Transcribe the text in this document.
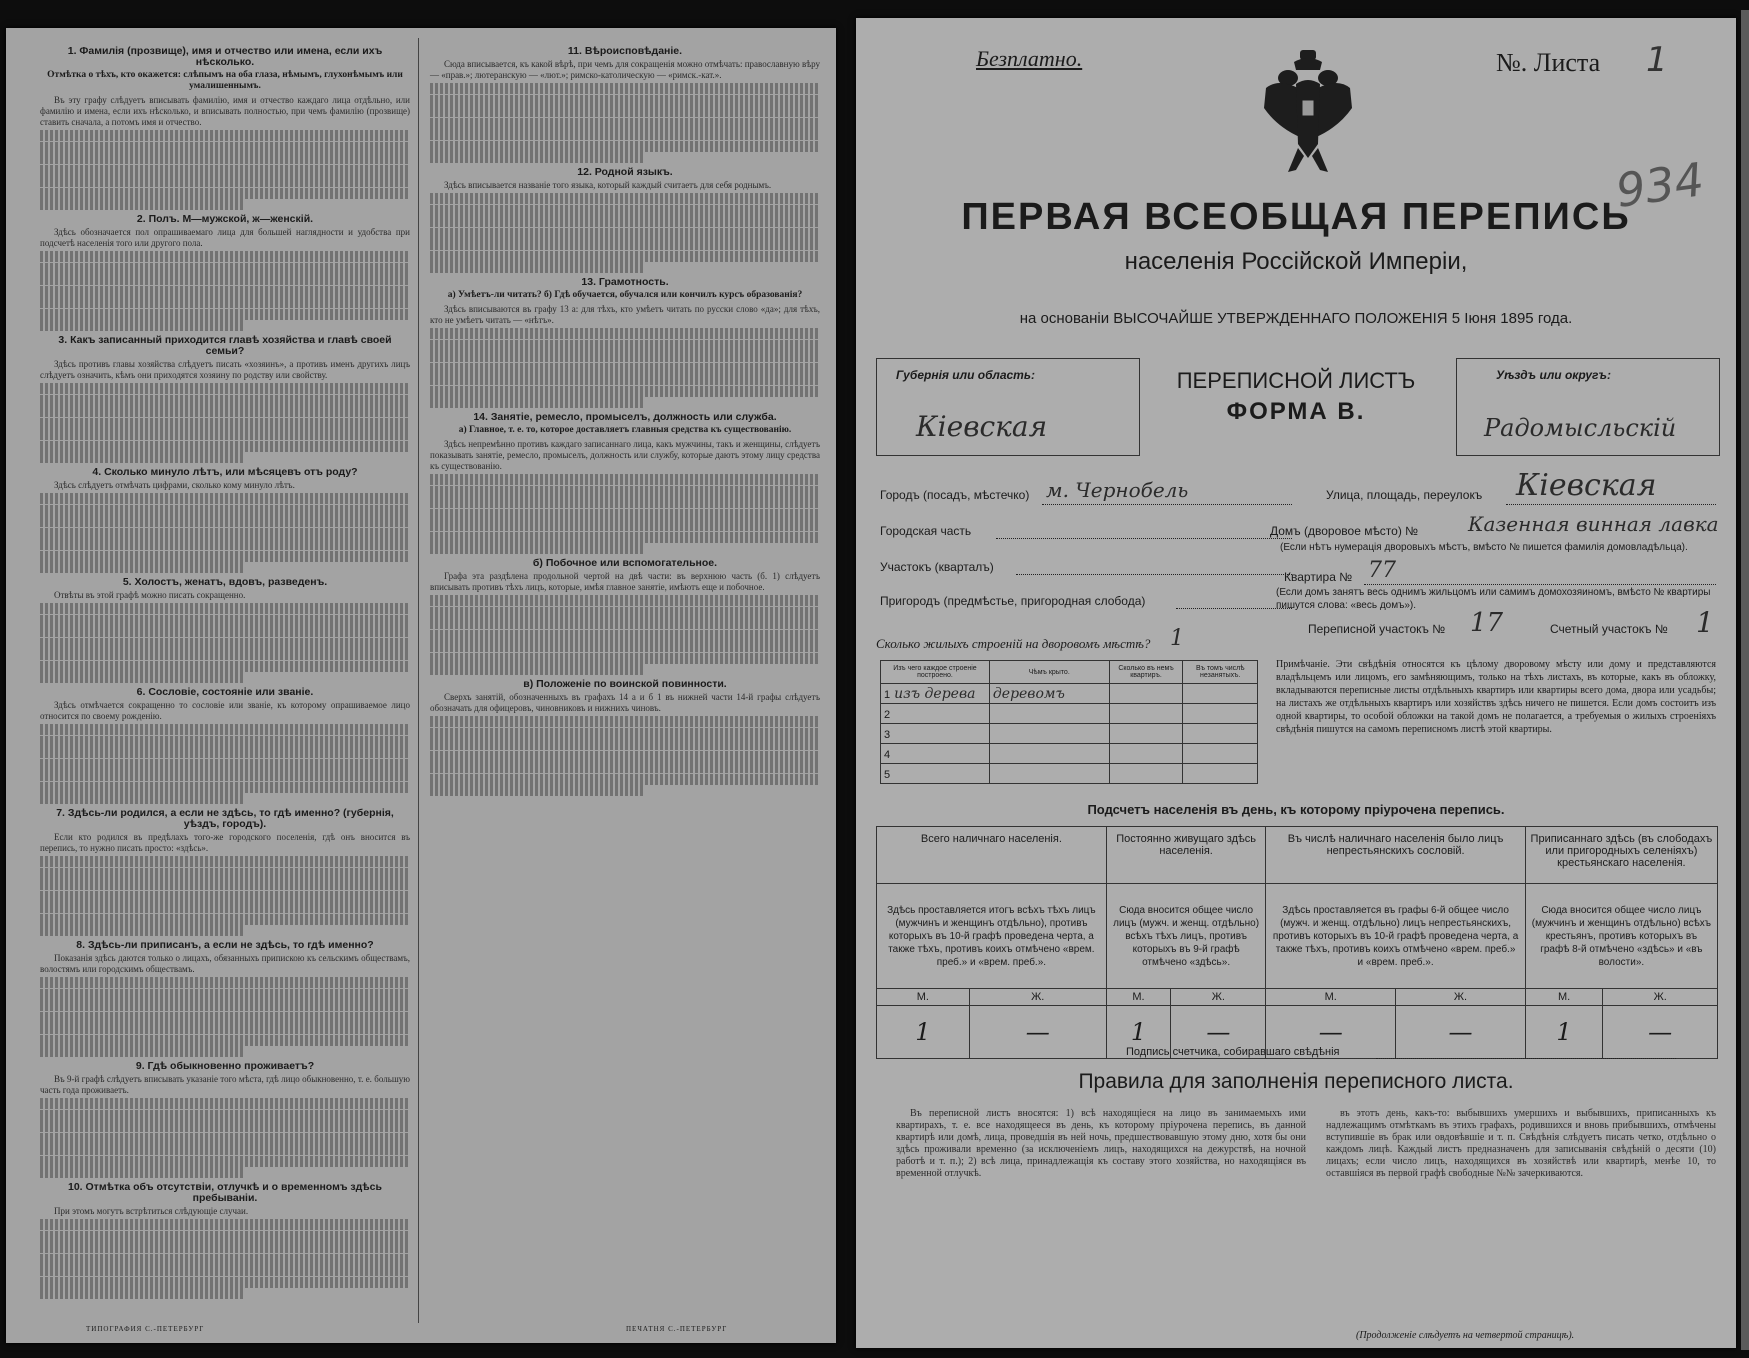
1. Фамилія (прозвище), имя и отчество или имена, если ихъ нѣсколько.
Отмѣтка о тѣхъ, кто окажется: слѣпымъ на оба глаза, нѣмымъ, глухонѣмымъ или умалишеннымъ.

Въ эту графу слѣдуетъ вписывать фамилію, имя и отчество каждаго лица отдѣльно, или фамилію и имена, если ихъ нѣсколько, и вписывать полностью, при чемъ фамилію (прозвище) ставить сначала, а потомъ имя и отчество.

2. Полъ. М—мужской, ж—женскій.

Здѣсь обозначается пол опрашиваемаго лица для большей наглядности и удобства при подсчетѣ населенія того или другого пола.

3. Какъ записанный приходится главѣ хозяйства и главѣ своей семьи?

Здѣсь противъ главы хозяйства слѣдуетъ писать «хозяинъ», а противъ именъ другихъ лицъ слѣдуетъ означить, кѣмъ они приходятся хозяину по родству или свойству.

4. Сколько минуло лѣтъ, или мѣсяцевъ отъ роду?

Здѣсь слѣдуетъ отмѣчать цифрами, сколько кому минуло лѣтъ.

5. Холостъ, женатъ, вдовъ, разведенъ.

Отвѣты въ этой графѣ можно писать сокращенно.

6. Сословіе, состояніе или званіе.

Здѣсь отмѣчается сокращенно то сословіе или званіе, къ которому опрашиваемое лицо относится по своему рожденію.

7. Здѣсь-ли родился, а если не здѣсь, то гдѣ именно? (губернія, уѣздъ, городъ).

Если кто родился въ предѣлахъ того-же городского поселенія, гдѣ онъ вносится въ перепись, то нужно писать просто: «здѣсь».

8. Здѣсь-ли приписанъ, а если не здѣсь, то гдѣ именно?

Показанія здѣсь даются только о лицахъ, обязанныхъ припискою къ сельскимъ обществамъ, волостямъ или городскимъ обществамъ.

9. Гдѣ обыкновенно проживаетъ?

Въ 9-й графѣ слѣдуетъ вписывать указаніе того мѣста, гдѣ лицо обыкновенно, т. е. большую часть года проживаетъ.

10. Отмѣтка объ отсутствіи, отлучкѣ и о временномъ здѣсь пребываніи.

При этомъ могутъ встрѣтиться слѣдующіе случаи.

11. Вѣроисповѣданіе.

Сюда вписывается, къ какой вѣрѣ, при чемъ для сокращенія можно отмѣчать: православную вѣру — «прав.»; лютеранскую — «лют.»; римско-католическую — «римск.-кат.».

12. Родной языкъ.

Здѣсь вписывается названіе того языка, который каждый считаетъ для себя роднымъ.

13. Грамотность.
а) Умѣетъ-ли читать? б) Гдѣ обучается, обучался или кончилъ курсъ образованія?

Здѣсь вписываются въ графу 13 а: для тѣхъ, кто умѣетъ читать по русски слово «да»; для тѣхъ, кто не умѣетъ читать — «нѣтъ».

14. Занятіе, ремесло, промыселъ, должность или служба.
а) Главное, т. е. то, которое доставляетъ главныя средства къ существованію.

Здѣсь непремѣнно противъ каждаго записаннаго лица, какъ мужчины, такъ и женщины, слѣдуетъ показывать занятіе, ремесло, промыселъ, должность или службу, которые даютъ этому лицу средства къ существованію.

б) Побочное или вспомогательное.

Графа эта раздѣлена продольной чертой на двѣ части: въ верхнюю часть (б. 1) слѣдуетъ вписывать противъ тѣхъ лицъ, которые, имѣя главное занятіе, имѣютъ еще и побочное.

в) Положеніе по воинской повинности.

Сверхъ занятій, обозначенныхъ въ графахъ 14 а и б 1 въ нижней части 14-й графы слѣдуетъ обозначать для офицеровъ, чиновниковъ и нижнихъ чиновъ.

ТИПОГРАФИЯ С.-ПЕТЕРБУРГ	ПЕЧАТНЯ С.-ПЕТЕРБУРГ
Безплатно.	№. Листа 1
934
ПЕРВАЯ ВСЕОБЩАЯ ПЕРЕПИСЬ
населенія Россійской Имперіи,
на основаніи ВЫСОЧАЙШЕ УТВЕРЖДЕННАГО ПОЛОЖЕНІЯ 5 Іюня 1895 года.
Губернія или область:
Кіевская
ПЕРЕПИСНОЙ ЛИСТЪ
ФОРМА В.
Уѣздъ или округъ:
Радомысльскій
Городъ (посадъ, мѣстечко) м. Чернобель
Городская часть
Участокъ (кварталъ)
Пригородъ (предмѣстье, пригородная слобода)
Улица, площадь, переулокъ Кіевская
Домъ (дворовое мѣсто) № Казенная винная лавка
(Если нѣтъ нумерація дворовыхъ мѣстъ, вмѣсто № пишется фамилія домовладѣльца).
Квартира № 77
(Если домъ занятъ весь однимъ жильцомъ или самимъ домохозяиномъ, вмѣсто № квартиры пишутся слова: «весь домъ»).
Переписной участокъ № 17	Счетный участокъ № 1
Сколько жилыхъ строеній на дворовомъ мѣстѣ? 1
Изъ чего каждое строеніе построено.	Чѣмъ крыто.	Сколько въ немъ квартиръ.	Въ томъ числѣ незанятыхъ.
1 изъ дерева	деревомъ		
2			
3			
4			
5			
Примѣчаніе. Эти свѣдѣнія относятся къ цѣлому дворовому мѣсту или дому и представляются владѣльцемъ или лицомъ, его замѣняющимъ, только на тѣхъ листахъ, въ которые, какъ въ обложку, вкладываются переписные листы отдѣльныхъ квартиръ или квартиры всего дома, двора или усадьбы; на листахъ же отдѣльныхъ квартиръ или хозяйствъ здѣсь ничего не пишется. Если домъ состоитъ изъ одной квартиры, то особой обложки на такой домъ не полагается, а требуемыя о жилыхъ строеніяхъ свѣдѣнія пишутся на самомъ переписномъ листѣ этой квартиры.
Подсчетъ населенія въ день, къ которому пріурочена перепись.
Всего наличнаго населенія.		Постоянно живущаго здѣсь населенія.		Въ числѣ наличнаго населенія было лицъ непрестьянскихъ сословій.		Приписаннаго здѣсь (въ слободахъ или пригородныхъ селеніяхъ) крестьянскаго населенія.	
Здѣсь проставляется итогъ всѣхъ тѣхъ лицъ (мужчинъ и женщинъ отдѣльно), противъ которыхъ въ 10-й графѣ проведена черта, а также тѣхъ, противъ коихъ отмѣчено «врем. преб.» и «врем. преб.».		Сюда вносится общее число лицъ (мужч. и женщ. отдѣльно) всѣхъ тѣхъ лицъ, противъ которыхъ въ 9-й графѣ отмѣчено «здѣсь».		Здѣсь проставляется въ графы 6-й общее число (мужч. и женщ. отдѣльно) лицъ непрестьянскихъ, противъ которыхъ въ 10-й графѣ проведена черта, а также тѣхъ, противъ коихъ отмѣчено «врем. преб.» и «врем. преб.».		Сюда вносится общее число лицъ (мужчинъ и женщинъ отдѣльно) всѣхъ крестьянъ, противъ которыхъ въ графѣ 8-й отмѣчено «здѣсь» и «въ волости».	
М.	Ж.	М.	Ж.	М.	Ж.	М.	Ж.
1	—	1	—	—	—	1	—
Подпись счетчика, собиравшаго свѣдѣнія
Правила для заполненія переписного листа.

Въ переписной листъ вносятся: 1) всѣ находящіеся на лицо въ занимаемыхъ ими квартирахъ, т. е. все находящееся въ день, къ которому пріурочена перепись, въ данной квартирѣ или домѣ, лица, проведшія въ ней ночь, предшествовавшую этому дню, хотя бы они здѣсь проживали временно (за исключеніемъ лицъ, находящихся на дежурствѣ, на ночной работѣ и т. п.); 2) всѣ лица, принадлежащія къ составу этого хозяйства, но находящіяся въ временной отлучкѣ.

въ этотъ день, какъ-то: выбывшихъ умершихъ и выбывшихъ, приписанныхъ къ надлежащимъ отмѣткамъ въ этихъ графахъ, родившихся и вновь прибывшихъ, отмѣчены вступившіе въ брак или овдовѣвшіе и т. п. Свѣдѣнія слѣдуетъ писать четко, отдѣльно о каждомъ лицѣ. Каждый листъ предназначенъ для записыванія свѣдѣній о десяти (10) лицахъ; если число лицъ, находящихся въ хозяйствѣ или квартирѣ, менѣе 10, то оставшіяся въ первой графѣ свободные №№ зачеркиваются.

(Продолженіе слѣдуетъ на четвертой страницѣ).
